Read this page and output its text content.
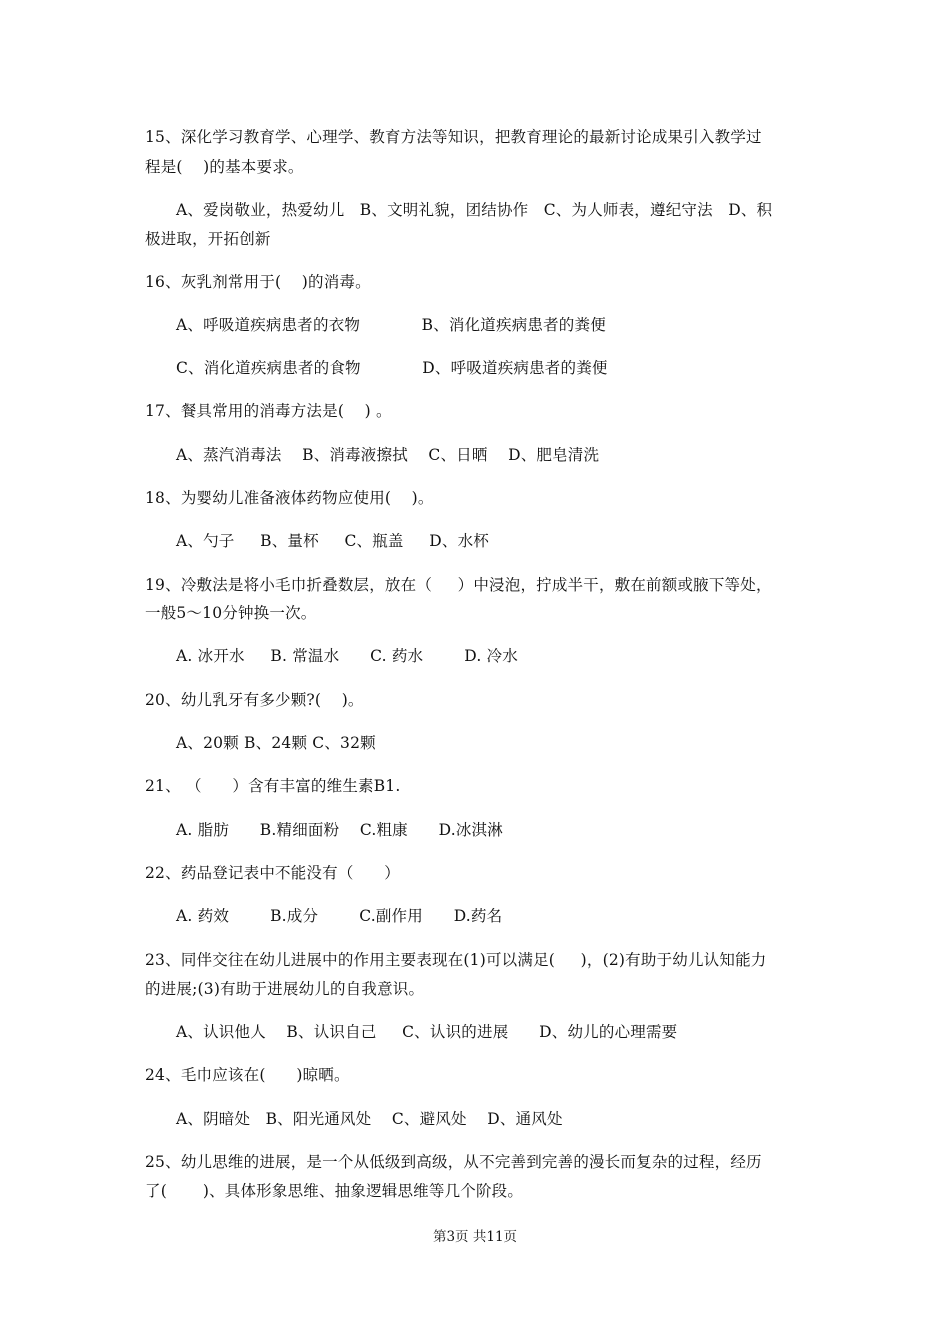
15、深化学习教育学、心理学、教育方法等知识，把教育理论的最新讨论成果引入教学过
程是(    )的基本要求。
A、爱岗敬业，热爱幼儿   B、文明礼貌，团结协作   C、为人师表，遵纪守法   D、积
极进取，开拓创新
16、灰乳剂常用于(    )的消毒。
A、呼吸道疾病患者的衣物            B、消化道疾病患者的粪便
C、消化道疾病患者的食物            D、呼吸道疾病患者的粪便
17、餐具常用的消毒方法是(    ) 。
A、蒸汽消毒法    B、消毒液擦拭    C、日晒    D、肥皂清洗
18、为婴幼儿准备液体药物应使用(    )。
A、勺子     B、量杯     C、瓶盖     D、水杯
19、冷敷法是将小毛巾折叠数层，放在（     ）中浸泡，拧成半干，敷在前额或腋下等处，
一般5～10分钟换一次。
A. 冰开水     B. 常温水      C. 药水        D. 冷水
20、幼儿乳牙有多少颗?(    )。
A、20颗 B、24颗 C、32颗
21、 （      ）含有丰富的维生素B1.
A. 脂肪      B.精细面粉    C.粗康      D.冰淇淋
22、药品登记表中不能没有（      ）
A. 药效        B.成分        C.副作用      D.药名
23、同伴交往在幼儿进展中的作用主要表现在(1)可以满足(     )，(2)有助于幼儿认知能力
的进展;(3)有助于进展幼儿的自我意识。
A、认识他人    B、认识自己     C、认识的进展      D、幼儿的心理需要
24、毛巾应该在(      )晾晒。
A、阴暗处   B、阳光通风处    C、避风处    D、通风处
25、幼儿思维的进展，是一个从低级到高级，从不完善到完善的漫长而复杂的过程，经历
了(       )、具体形象思维、抽象逻辑思维等几个阶段。
第3页 共11页
